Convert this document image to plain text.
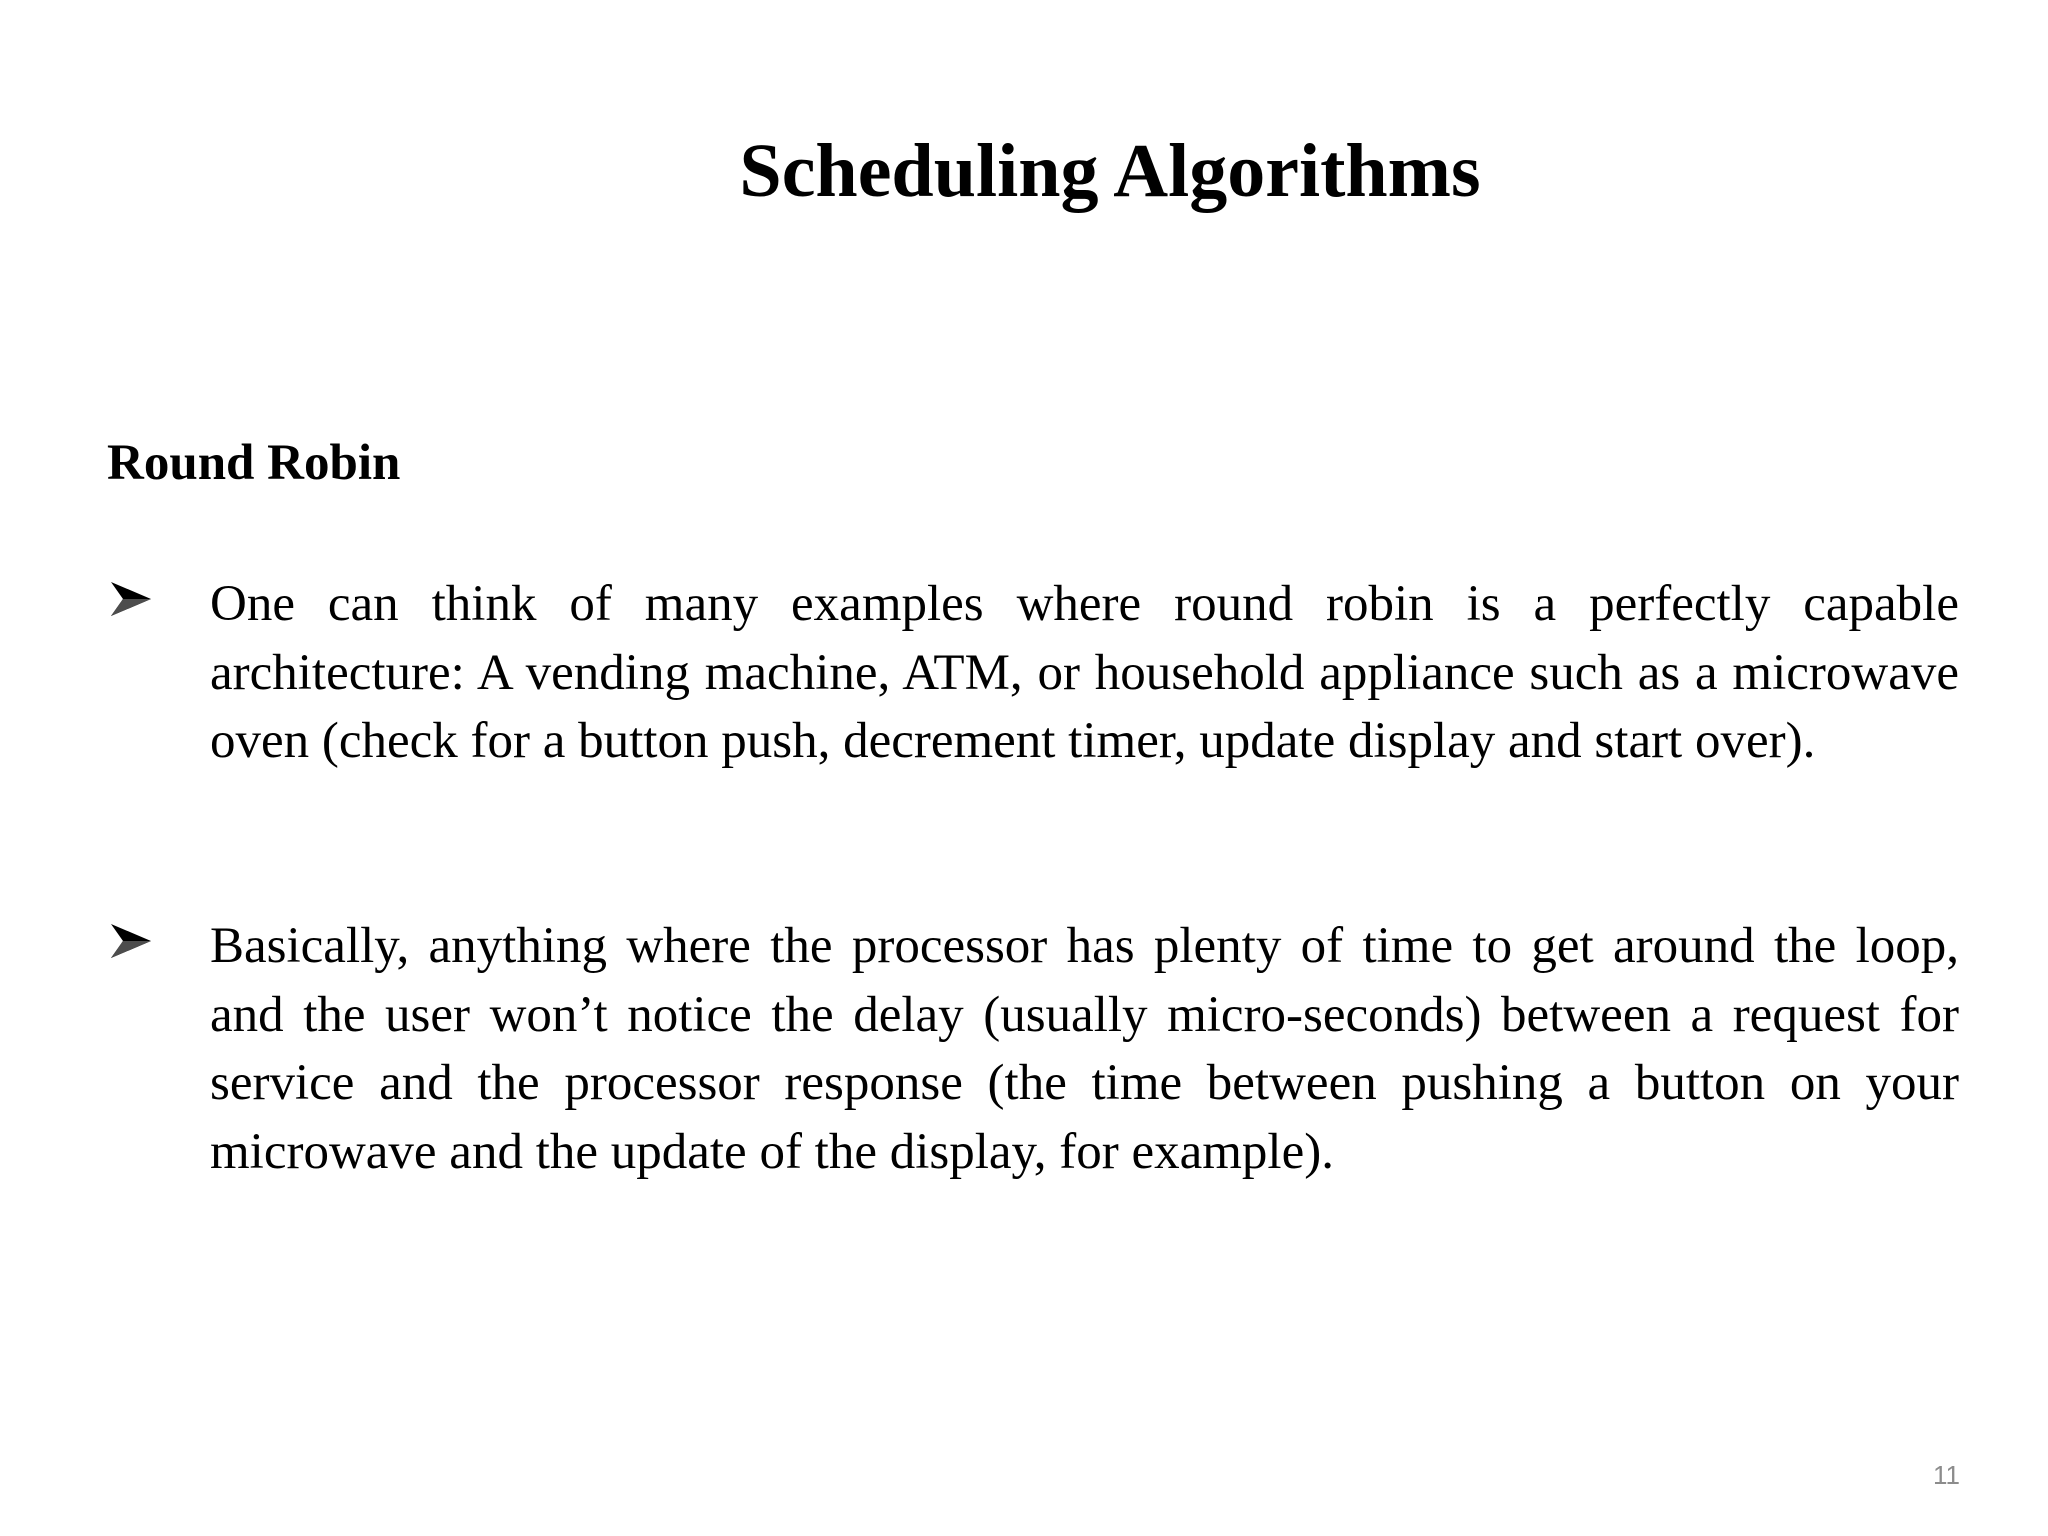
Scheduling Algorithms
Round Robin

One can think of many examples where round robin is a perfectly capable architecture: A vending machine, ATM, or household appliance such as a microwave oven (check for a button push, decrement timer, update display and start over).

Basically, anything where the processor has plenty of time to get around the loop, and the user won’t notice the delay (usually micro-seconds) between a request for service and the processor response (the time between pushing a button on your microwave and the update of the display, for example).

11
